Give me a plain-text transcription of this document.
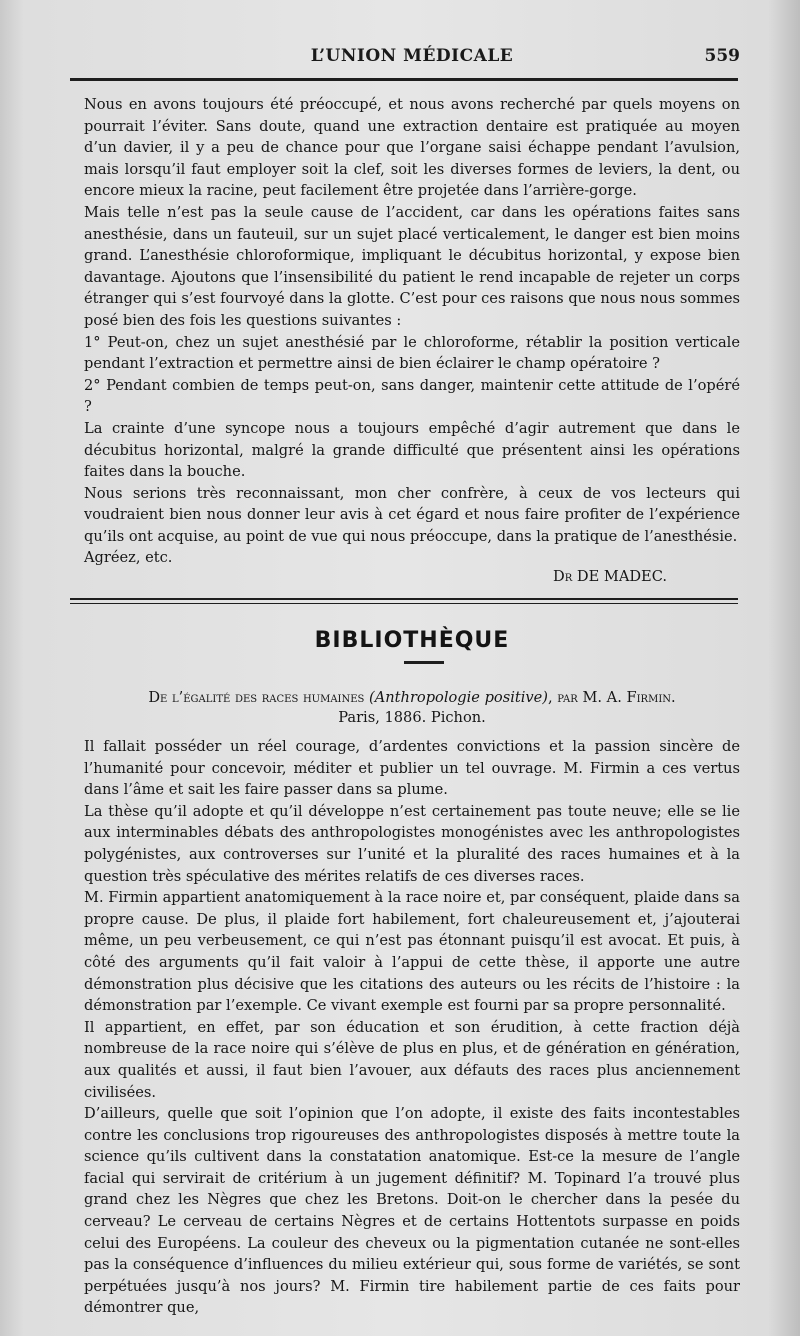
L’UNION MÉDICALE	559

Nous en avons toujours été préoccupé, et nous avons recherché par quels moyens on pourrait l’éviter. Sans doute, quand une extraction dentaire est pratiquée au moyen d’un davier, il y a peu de chance pour que l’organe saisi échappe pendant l’avulsion, mais lorsqu’il faut employer soit la clef, soit les diverses formes de leviers, la dent, ou encore mieux la racine, peut facilement être projetée dans l’arrière-gorge.

Mais telle n’est pas la seule cause de l’accident, car dans les opérations faites sans anesthésie, dans un fauteuil, sur un sujet placé verticalement, le danger est bien moins grand. L’anesthésie chloroformique, impliquant le décubitus horizontal, y expose bien davantage. Ajoutons que l’insensibilité du patient le rend incapable de rejeter un corps étranger qui s’est fourvoyé dans la glotte. C’est pour ces raisons que nous nous sommes posé bien des fois les questions suivantes :

1° Peut-on, chez un sujet anesthésié par le chloroforme, rétablir la position verticale pendant l’extraction et permettre ainsi de bien éclairer le champ opératoire ?

2° Pendant combien de temps peut-on, sans danger, maintenir cette attitude de l’opéré ?

La crainte d’une syncope nous a toujours empêché d’agir autrement que dans le décubitus horizontal, malgré la grande difficulté que présentent ainsi les opérations faites dans la bouche.

Nous serions très reconnaissant, mon cher confrère, à ceux de vos lecteurs qui voudraient bien nous donner leur avis à cet égard et nous faire profiter de l’expérience qu’ils ont acquise, au point de vue qui nous préoccupe, dans la pratique de l’anesthésie.

Agréez, etc.

Dr DE MADEC.
BIBLIOTHÈQUE
De l’égalité des races humaines (Anthropologie positive), par M. A. Firmin.
Paris, 1886. Pichon.

Il fallait posséder un réel courage, d’ardentes convictions et la passion sincère de l’humanité pour concevoir, méditer et publier un tel ouvrage. M. Firmin a ces vertus dans l’âme et sait les faire passer dans sa plume.

La thèse qu’il adopte et qu’il développe n’est certainement pas toute neuve; elle se lie aux interminables débats des anthropologistes monogénistes avec les anthropologistes polygénistes, aux controverses sur l’unité et la pluralité des races humaines et à la question très spéculative des mérites relatifs de ces diverses races.

M. Firmin appartient anatomiquement à la race noire et, par conséquent, plaide dans sa propre cause. De plus, il plaide fort habilement, fort chaleureusement et, j’ajouterai même, un peu verbeusement, ce qui n’est pas étonnant puisqu’il est avocat. Et puis, à côté des arguments qu’il fait valoir à l’appui de cette thèse, il apporte une autre démonstration plus décisive que les citations des auteurs ou les récits de l’histoire : la démonstration par l’exemple. Ce vivant exemple est fourni par sa propre personnalité.

Il appartient, en effet, par son éducation et son érudition, à cette fraction déjà nombreuse de la race noire qui s’élève de plus en plus, et de génération en génération, aux qualités et aussi, il faut bien l’avouer, aux défauts des races plus anciennement civilisées.

D’ailleurs, quelle que soit l’opinion que l’on adopte, il existe des faits incontestables contre les conclusions trop rigoureuses des anthropologistes disposés à mettre toute la science qu’ils cultivent dans la constatation anatomique. Est-ce la mesure de l’angle facial qui servirait de critérium à un jugement définitif? M. Topinard l’a trouvé plus grand chez les Nègres que chez les Bretons. Doit-on le chercher dans la pesée du cerveau? Le cerveau de certains Nègres et de certains Hottentots surpasse en poids celui des Européens. La couleur des cheveux ou la pigmentation cutanée ne sont-elles pas la conséquence d’influences du milieu extérieur qui, sous forme de variétés, se sont perpétuées jusqu’à nos jours? M. Firmin tire habilement partie de ces faits pour démontrer que,
